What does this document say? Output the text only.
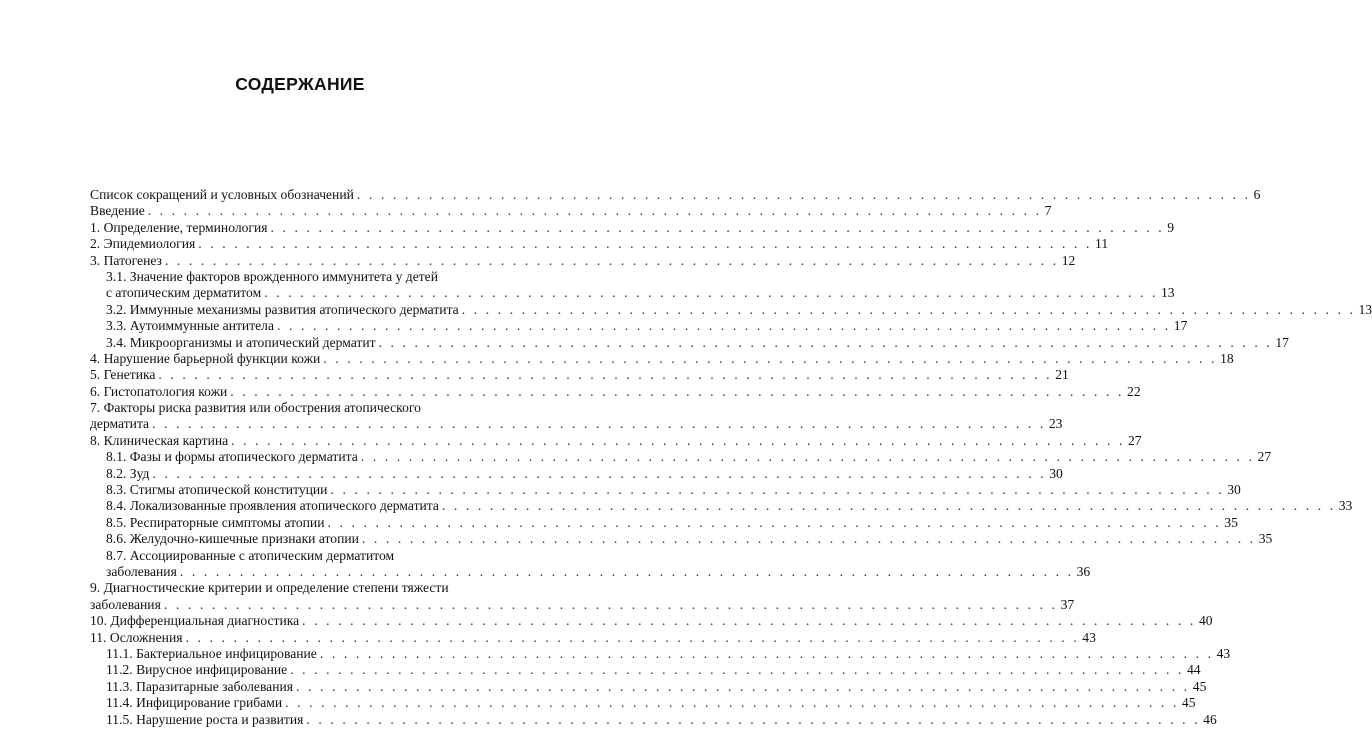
СОДЕРЖАНИЕ
Список сокращений и условных обозначений . . . . . . . . . . . . . . . . . . . . . . . . . . . . . . . . . . . . . . . . . . . . . . . . . . . . . . . . . . . . . . . . . . . . . . . . . . . 6
Введение . . . . . . . . . . . . . . . . . . . . . . . . . . . . . . . . . . . . . . . . . . . . . . . . . . . . . . . . . . . . . . . . . . . . . . . . . . . 7
1. Определение, терминология . . . . . . . . . . . . . . . . . . . . . . . . . . . . . . . . . . . . . . . . . . . . . . . . . . . . . . . . . . . . . . . . . . . . . . . . . . . 9
2. Эпидемиология . . . . . . . . . . . . . . . . . . . . . . . . . . . . . . . . . . . . . . . . . . . . . . . . . . . . . . . . . . . . . . . . . . . . . . . . . . . 11
3. Патогенез . . . . . . . . . . . . . . . . . . . . . . . . . . . . . . . . . . . . . . . . . . . . . . . . . . . . . . . . . . . . . . . . . . . . . . . . . . . 12
3.1. Значение факторов врожденного иммунитета у детей
с атопическим дерматитом . . . . . . . . . . . . . . . . . . . . . . . . . . . . . . . . . . . . . . . . . . . . . . . . . . . . . . . . . . . . . . . . . . . . . . . . . . . 13
3.2. Иммунные механизмы развития атопического дерматита . . . . . . . . . . . . . . . . . . . . . . . . . . . . . . . . . . . . . . . . . . . . . . . . . . . . . . . . . . . . . . . . . . . . . . . . . . . 13
3.3. Аутоиммунные антитела . . . . . . . . . . . . . . . . . . . . . . . . . . . . . . . . . . . . . . . . . . . . . . . . . . . . . . . . . . . . . . . . . . . . . . . . . . . 17
3.4. Микроорганизмы и атопический дерматит . . . . . . . . . . . . . . . . . . . . . . . . . . . . . . . . . . . . . . . . . . . . . . . . . . . . . . . . . . . . . . . . . . . . . . . . . . . 17
4. Нарушение барьерной функции кожи . . . . . . . . . . . . . . . . . . . . . . . . . . . . . . . . . . . . . . . . . . . . . . . . . . . . . . . . . . . . . . . . . . . . . . . . . . . 18
5. Генетика . . . . . . . . . . . . . . . . . . . . . . . . . . . . . . . . . . . . . . . . . . . . . . . . . . . . . . . . . . . . . . . . . . . . . . . . . . . 21
6. Гистопатология кожи . . . . . . . . . . . . . . . . . . . . . . . . . . . . . . . . . . . . . . . . . . . . . . . . . . . . . . . . . . . . . . . . . . . . . . . . . . . 22
7. Факторы риска развития или обострения атопического
дерматита . . . . . . . . . . . . . . . . . . . . . . . . . . . . . . . . . . . . . . . . . . . . . . . . . . . . . . . . . . . . . . . . . . . . . . . . . . . 23
8. Клиническая картина . . . . . . . . . . . . . . . . . . . . . . . . . . . . . . . . . . . . . . . . . . . . . . . . . . . . . . . . . . . . . . . . . . . . . . . . . . . 27
8.1. Фазы и формы атопического дерматита . . . . . . . . . . . . . . . . . . . . . . . . . . . . . . . . . . . . . . . . . . . . . . . . . . . . . . . . . . . . . . . . . . . . . . . . . . . 27
8.2. Зуд . . . . . . . . . . . . . . . . . . . . . . . . . . . . . . . . . . . . . . . . . . . . . . . . . . . . . . . . . . . . . . . . . . . . . . . . . . . 30
8.3. Стигмы атопической конституции . . . . . . . . . . . . . . . . . . . . . . . . . . . . . . . . . . . . . . . . . . . . . . . . . . . . . . . . . . . . . . . . . . . . . . . . . . . 30
8.4. Локализованные проявления атопического дерматита . . . . . . . . . . . . . . . . . . . . . . . . . . . . . . . . . . . . . . . . . . . . . . . . . . . . . . . . . . . . . . . . . . . . . . . . . . . 33
8.5. Респираторные симптомы атопии . . . . . . . . . . . . . . . . . . . . . . . . . . . . . . . . . . . . . . . . . . . . . . . . . . . . . . . . . . . . . . . . . . . . . . . . . . . 35
8.6. Желудочно-кишечные признаки атопии . . . . . . . . . . . . . . . . . . . . . . . . . . . . . . . . . . . . . . . . . . . . . . . . . . . . . . . . . . . . . . . . . . . . . . . . . . . 35
8.7. Ассоциированные с атопическим дерматитом
заболевания . . . . . . . . . . . . . . . . . . . . . . . . . . . . . . . . . . . . . . . . . . . . . . . . . . . . . . . . . . . . . . . . . . . . . . . . . . . 36
9. Диагностические критерии и определение степени тяжести
заболевания . . . . . . . . . . . . . . . . . . . . . . . . . . . . . . . . . . . . . . . . . . . . . . . . . . . . . . . . . . . . . . . . . . . . . . . . . . . 37
10. Дифференциальная диагностика . . . . . . . . . . . . . . . . . . . . . . . . . . . . . . . . . . . . . . . . . . . . . . . . . . . . . . . . . . . . . . . . . . . . . . . . . . . 40
11. Осложнения . . . . . . . . . . . . . . . . . . . . . . . . . . . . . . . . . . . . . . . . . . . . . . . . . . . . . . . . . . . . . . . . . . . . . . . . . . . 43
11.1. Бактериальное инфицирование . . . . . . . . . . . . . . . . . . . . . . . . . . . . . . . . . . . . . . . . . . . . . . . . . . . . . . . . . . . . . . . . . . . . . . . . . . . 43
11.2. Вирусное инфицирование . . . . . . . . . . . . . . . . . . . . . . . . . . . . . . . . . . . . . . . . . . . . . . . . . . . . . . . . . . . . . . . . . . . . . . . . . . . 44
11.3. Паразитарные заболевания . . . . . . . . . . . . . . . . . . . . . . . . . . . . . . . . . . . . . . . . . . . . . . . . . . . . . . . . . . . . . . . . . . . . . . . . . . . 45
11.4. Инфицирование грибами . . . . . . . . . . . . . . . . . . . . . . . . . . . . . . . . . . . . . . . . . . . . . . . . . . . . . . . . . . . . . . . . . . . . . . . . . . . 45
11.5. Нарушение роста и развития . . . . . . . . . . . . . . . . . . . . . . . . . . . . . . . . . . . . . . . . . . . . . . . . . . . . . . . . . . . . . . . . . . . . . . . . . . . 46
